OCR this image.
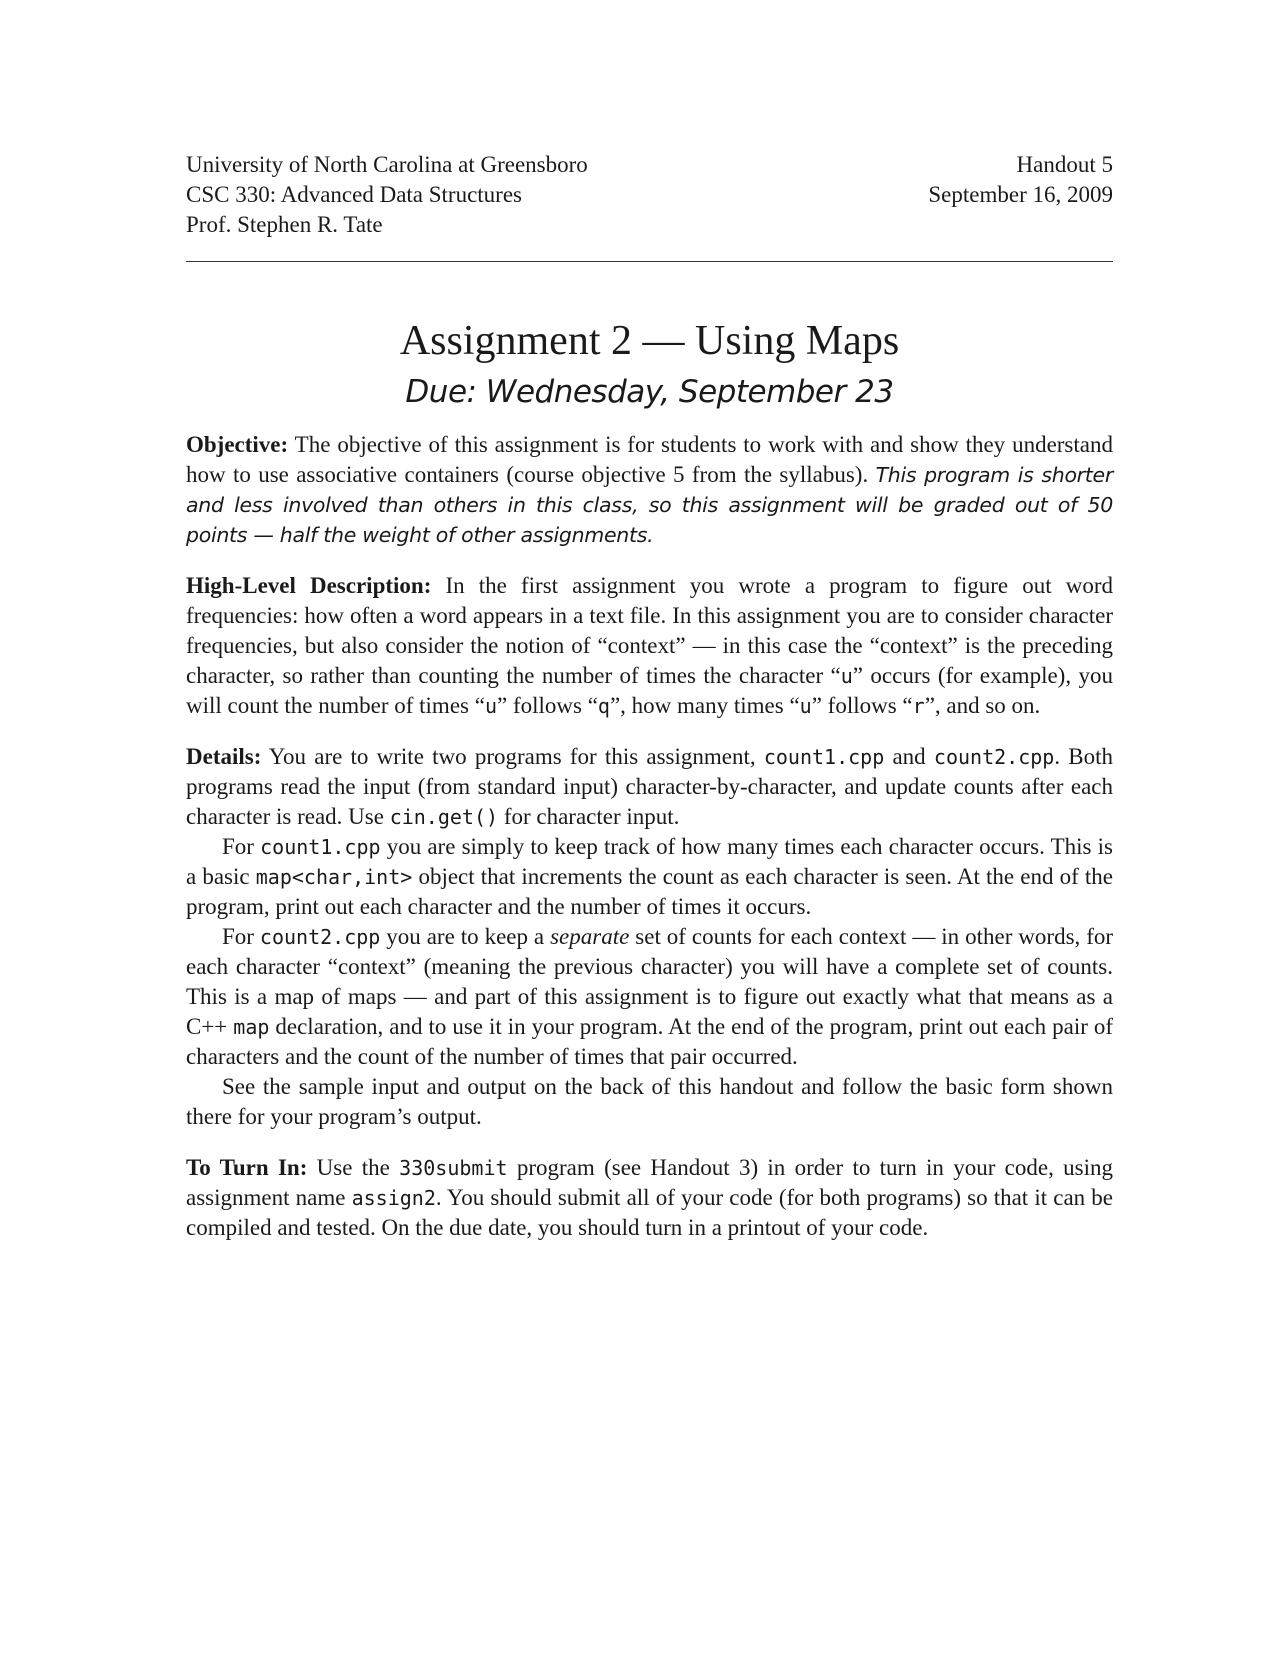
University of North Carolina at Greensboro
CSC 330: Advanced Data Structures
Prof. Stephen R. Tate
Handout 5
September 16, 2009
Assignment 2 — Using Maps
Due: Wednesday, September 23

Objective: The objective of this assignment is for students to work with and show they understand how to use associative containers (course objective 5 from the syllabus). This program is shorter and less involved than others in this class, so this assignment will be graded out of 50 points — half the weight of other assignments.

High-Level Description: In the first assignment you wrote a program to figure out word frequencies: how often a word appears in a text file. In this assignment you are to consider character frequencies, but also consider the notion of “context” — in this case the “context” is the preceding character, so rather than counting the number of times the character “u” occurs (for example), you will count the number of times “u” follows “q”, how many times “u” follows “r”, and so on.

Details: You are to write two programs for this assignment, count1.cpp and count2.cpp. Both programs read the input (from standard input) character-by-character, and update counts after each character is read. Use cin.get() for character input.

For count1.cpp you are simply to keep track of how many times each character occurs. This is a basic map<char,int> object that increments the count as each character is seen. At the end of the program, print out each character and the number of times it occurs.

For count2.cpp you are to keep a separate set of counts for each context — in other words, for each character “context” (meaning the previous character) you will have a complete set of counts. This is a map of maps — and part of this assignment is to figure out exactly what that means as a C++ map declaration, and to use it in your program. At the end of the program, print out each pair of characters and the count of the number of times that pair occurred.

See the sample input and output on the back of this handout and follow the basic form shown there for your program’s output.

To Turn In: Use the 330submit program (see Handout 3) in order to turn in your code, using assignment name assign2. You should submit all of your code (for both programs) so that it can be compiled and tested. On the due date, you should turn in a printout of your code.
